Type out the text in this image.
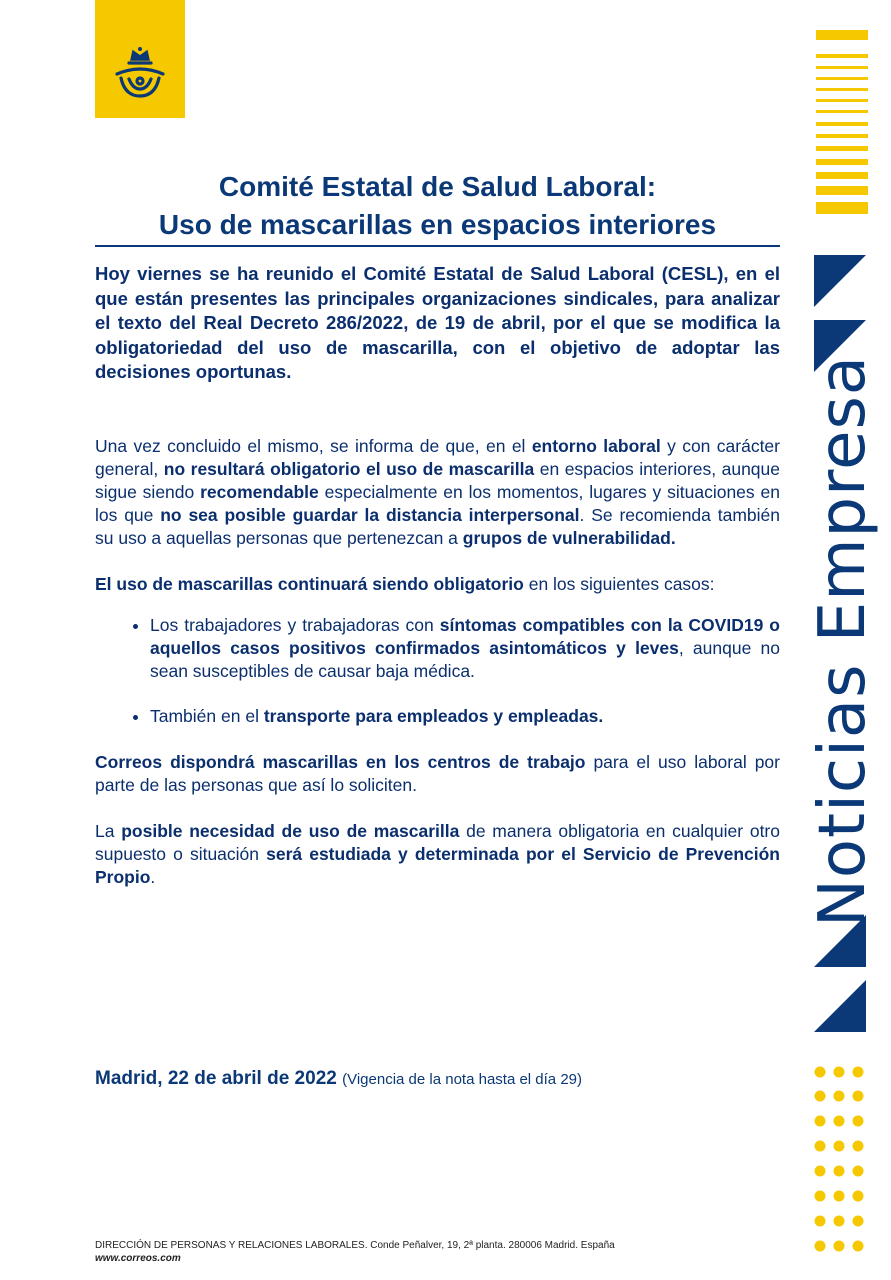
Comité Estatal de Salud Laboral:
Uso de mascarillas en espacios interiores

Hoy viernes se ha reunido el Comité Estatal de Salud Laboral (CESL), en el que están presentes las principales organizaciones sindicales, para analizar el texto del Real Decreto 286/2022, de 19 de abril, por el que se modifica la obligatoriedad del uso de mascarilla, con el objetivo de adoptar las decisiones oportunas.

Una vez concluido el mismo, se informa de que, en el entorno laboral y con carácter general, no resultará obligatorio el uso de mascarilla en espacios interiores, aunque sigue siendo recomendable especialmente en los momentos, lugares y situaciones en los que no sea posible guardar la distancia interpersonal. Se recomienda también su uso a aquellas personas que pertenezcan a grupos de vulnerabilidad.

El uso de mascarillas continuará siendo obligatorio en los siguientes casos:

• Los trabajadores y trabajadoras con síntomas compatibles con la COVID19 o aquellos casos positivos confirmados asintomáticos y leves, aunque no sean susceptibles de causar baja médica.
• También en el transporte para empleados y empleadas.

Correos dispondrá mascarillas en los centros de trabajo para el uso laboral por parte de las personas que así lo soliciten.

La posible necesidad de uso de mascarilla de manera obligatoria en cualquier otro supuesto o situación será estudiada y determinada por el Servicio de Prevención Propio.

Madrid, 22 de abril de 2022 (Vigencia de la nota hasta el día 29)
DIRECCIÓN DE PERSONAS Y RELACIONES LABORALES. Conde Peñalver, 19, 2ª planta. 280006 Madrid. España
www.correos.com
Noticias Empresa
